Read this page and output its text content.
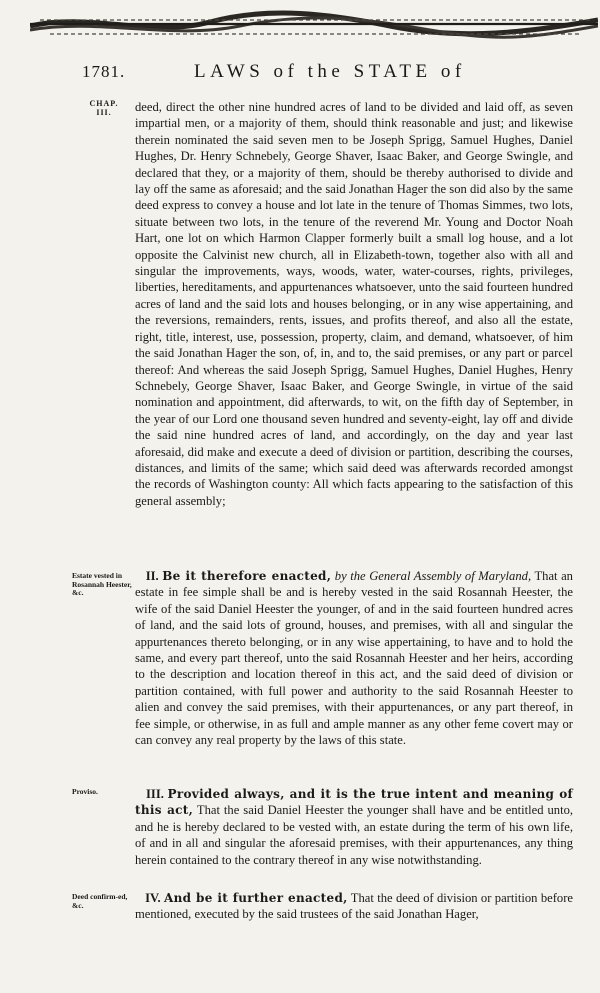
1781.	LAWS of the STATE of
CHAP.
III.
Estate vested in Rosannah Heester, &c.
Proviso.
Deed confirm-ed, &c.

deed, direct the other nine hundred acres of land to be divided and laid off, as seven impartial men, or a majority of them, should think reasonable and just; and likewise therein nominated the said seven men to be Joseph Sprigg, Samuel Hughes, Daniel Hughes, Dr. Henry Schnebely, George Shaver, Isaac Baker, and George Swingle, and declared that they, or a majority of them, should be thereby authorised to divide and lay off the same as aforesaid; and the said Jonathan Hager the son did also by the same deed express to convey a house and lot late in the tenure of Thomas Simmes, two lots, situate between two lots, in the tenure of the reverend Mr. Young and Doctor Noah Hart, one lot on which Harmon Clapper formerly built a small log house, and a lot opposite the Calvinist new church, all in Elizabeth-town, together also with all and singular the improvements, ways, woods, water, water-courses, rights, privileges, liberties, hereditaments, and appurtenances whatsoever, unto the said fourteen hundred acres of land and the said lots and houses belonging, or in any wise appertaining, and the reversions, remainders, rents, issues, and profits thereof, and also all the estate, right, title, interest, use, possession, property, claim, and demand, whatsoever, of him the said Jonathan Hager the son, of, in, and to, the said premises, or any part or parcel thereof: And whereas the said Joseph Sprigg, Samuel Hughes, Daniel Hughes, Henry Schnebely, George Shaver, Isaac Baker, and George Swingle, in virtue of the said nomination and appointment, did afterwards, to wit, on the fifth day of September, in the year of our Lord one thousand seven hundred and seventy-eight, lay off and divide the said nine hundred acres of land, and accordingly, on the day and year last aforesaid, did make and execute a deed of division or partition, describing the courses, distances, and limits of the same; which said deed was afterwards recorded amongst the records of Washington county: All which facts appearing to the satisfaction of this general assembly;

II. Be it therefore enacted, by the General Assembly of Maryland, That an estate in fee simple shall be and is hereby vested in the said Rosannah Heester, the wife of the said Daniel Heester the younger, of and in the said fourteen hundred acres of land, and the said lots of ground, houses, and premises, with all and singular the appurtenances thereto belonging, or in any wise appertaining, to have and to hold the same, and every part thereof, unto the said Rosannah Heester and her heirs, according to the description and location thereof in this act, and the said deed of division or partition contained, with full power and authority to the said Rosannah Heester to alien and convey the said premises, with their appurtenances, or any part thereof, in fee simple, or otherwise, in as full and ample manner as any other feme covert may or can convey any real property by the laws of this state.

III. Provided always, and it is the true intent and meaning of this act, That the said Daniel Heester the younger shall have and be entitled unto, and he is hereby declared to be vested with, an estate during the term of his own life, of and in all and singular the aforesaid premises, with their appurtenances, any thing herein contained to the contrary thereof in any wise notwithstanding.

IV. And be it further enacted, That the deed of division or partition before mentioned, executed by the said trustees of the said Jonathan Hager,
